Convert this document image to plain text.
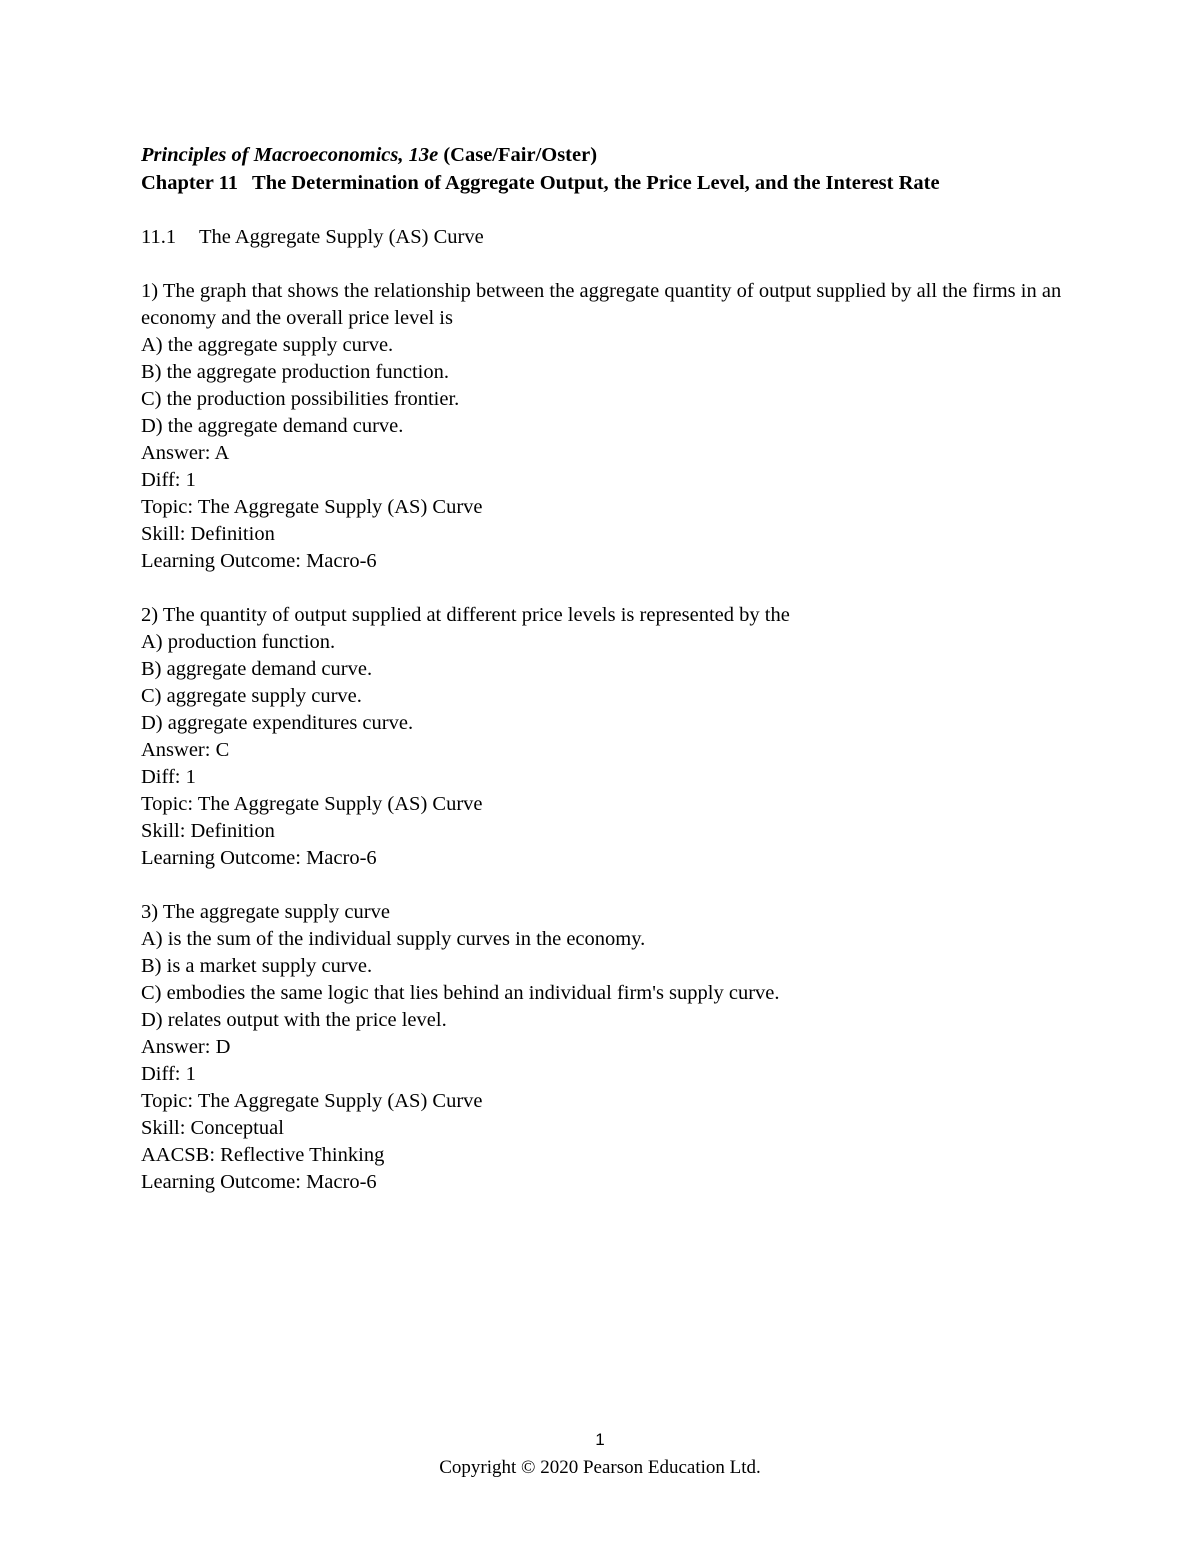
Principles of Macroeconomics, 13e (Case/Fair/Oster)
Chapter 11 The Determination of Aggregate Output, the Price Level, and the Interest Rate
11.1 The Aggregate Supply (AS) Curve
1) The graph that shows the relationship between the aggregate quantity of output supplied by all the firms in an economy and the overall price level is
A) the aggregate supply curve.
B) the aggregate production function.
C) the production possibilities frontier.
D) the aggregate demand curve.
Answer: A
Diff: 1
Topic: The Aggregate Supply (AS) Curve
Skill: Definition
Learning Outcome: Macro-6
2) The quantity of output supplied at different price levels is represented by the
A) production function.
B) aggregate demand curve.
C) aggregate supply curve.
D) aggregate expenditures curve.
Answer: C
Diff: 1
Topic: The Aggregate Supply (AS) Curve
Skill: Definition
Learning Outcome: Macro-6
3) The aggregate supply curve
A) is the sum of the individual supply curves in the economy.
B) is a market supply curve.
C) embodies the same logic that lies behind an individual firm's supply curve.
D) relates output with the price level.
Answer: D
Diff: 1
Topic: The Aggregate Supply (AS) Curve
Skill: Conceptual
AACSB: Reflective Thinking
Learning Outcome: Macro-6
1
Copyright © 2020 Pearson Education Ltd.
